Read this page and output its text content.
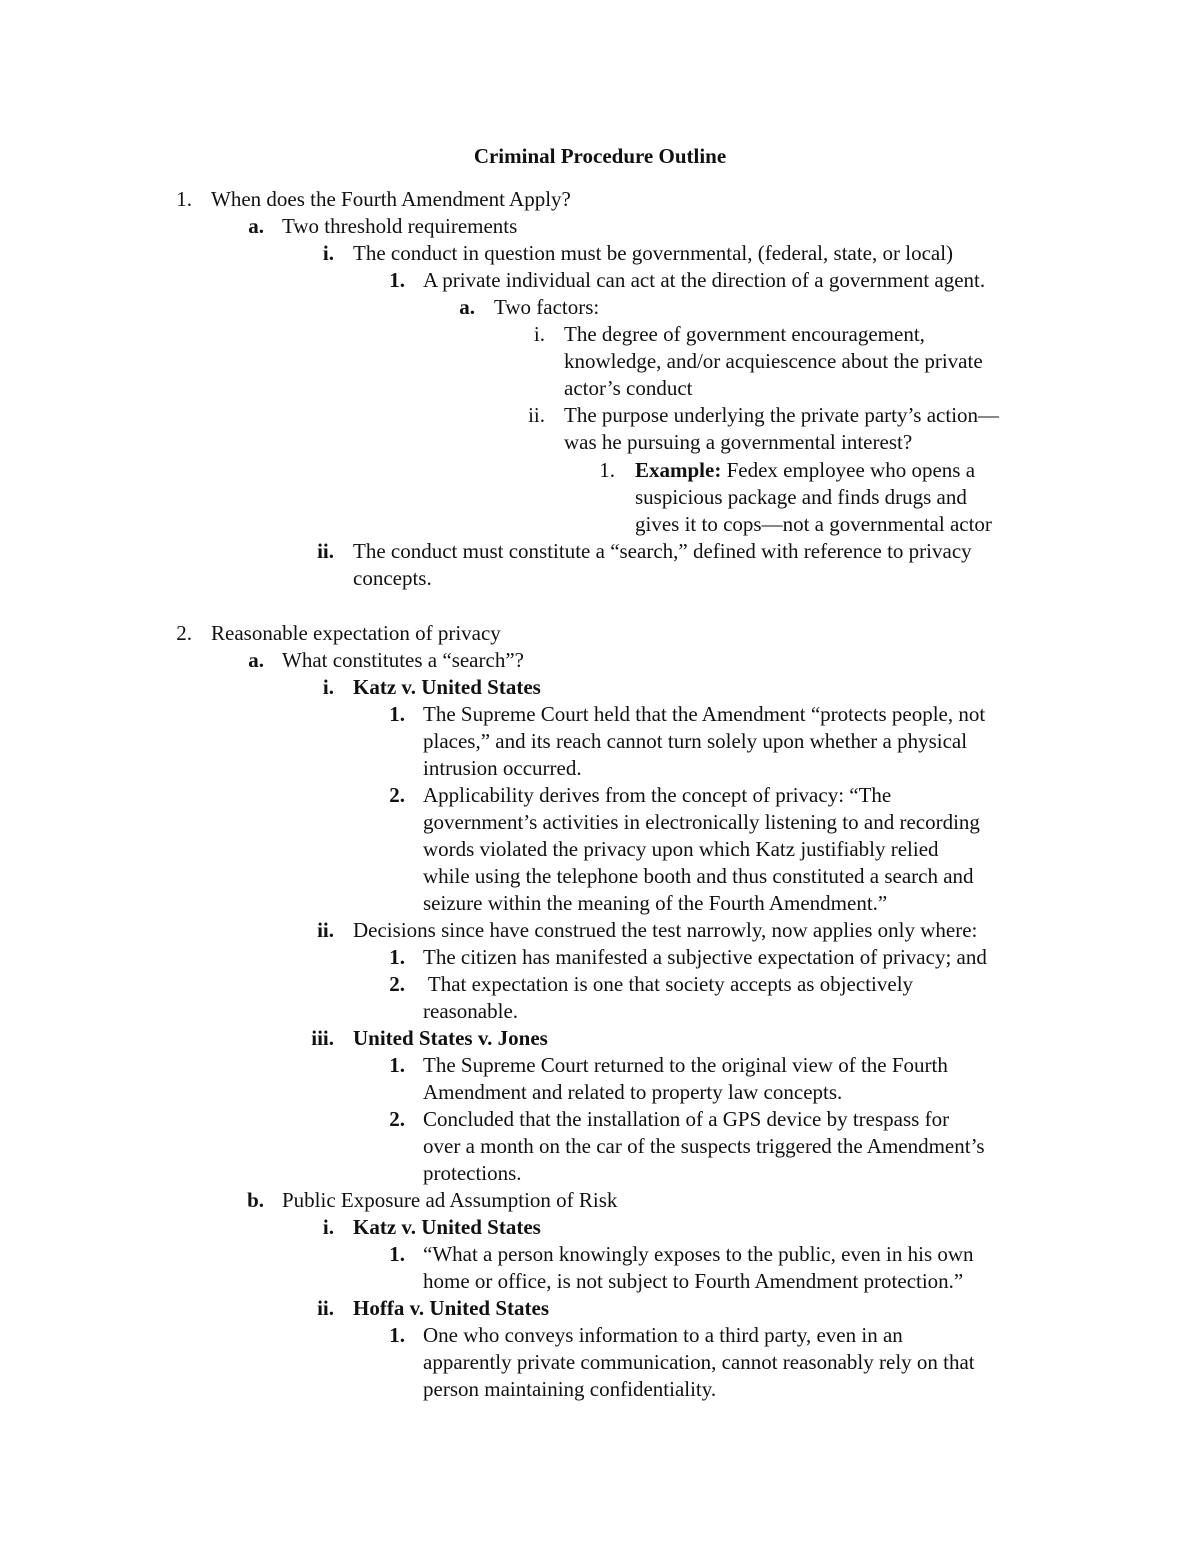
Criminal Procedure Outline
1. When does the Fourth Amendment Apply?
a. Two threshold requirements
i. The conduct in question must be governmental, (federal, state, or local)
1. A private individual can act at the direction of a government agent.
a. Two factors:
i. The degree of government encouragement,
knowledge, and/or acquiescence about the private
actor’s conduct
ii. The purpose underlying the private party’s action—
was he pursuing a governmental interest?
1. Example: Fedex employee who opens a
suspicious package and finds drugs and
gives it to cops—not a governmental actor
ii. The conduct must constitute a “search,” defined with reference to privacy
concepts.
2. Reasonable expectation of privacy
a. What constitutes a “search”?
i. Katz v. United States
1. The Supreme Court held that the Amendment “protects people, not
places,” and its reach cannot turn solely upon whether a physical
intrusion occurred.
2. Applicability derives from the concept of privacy: “The
government’s activities in electronically listening to and recording
words violated the privacy upon which Katz justifiably relied
while using the telephone booth and thus constituted a search and
seizure within the meaning of the Fourth Amendment.”
ii. Decisions since have construed the test narrowly, now applies only where:
1. The citizen has manifested a subjective expectation of privacy; and
2. That expectation is one that society accepts as objectively
reasonable.
iii. United States v. Jones
1. The Supreme Court returned to the original view of the Fourth
Amendment and related to property law concepts.
2. Concluded that the installation of a GPS device by trespass for
over a month on the car of the suspects triggered the Amendment’s
protections.
b. Public Exposure ad Assumption of Risk
i. Katz v. United States
1. “What a person knowingly exposes to the public, even in his own
home or office, is not subject to Fourth Amendment protection.”
ii. Hoffa v. United States
1. One who conveys information to a third party, even in an
apparently private communication, cannot reasonably rely on that
person maintaining confidentiality.
